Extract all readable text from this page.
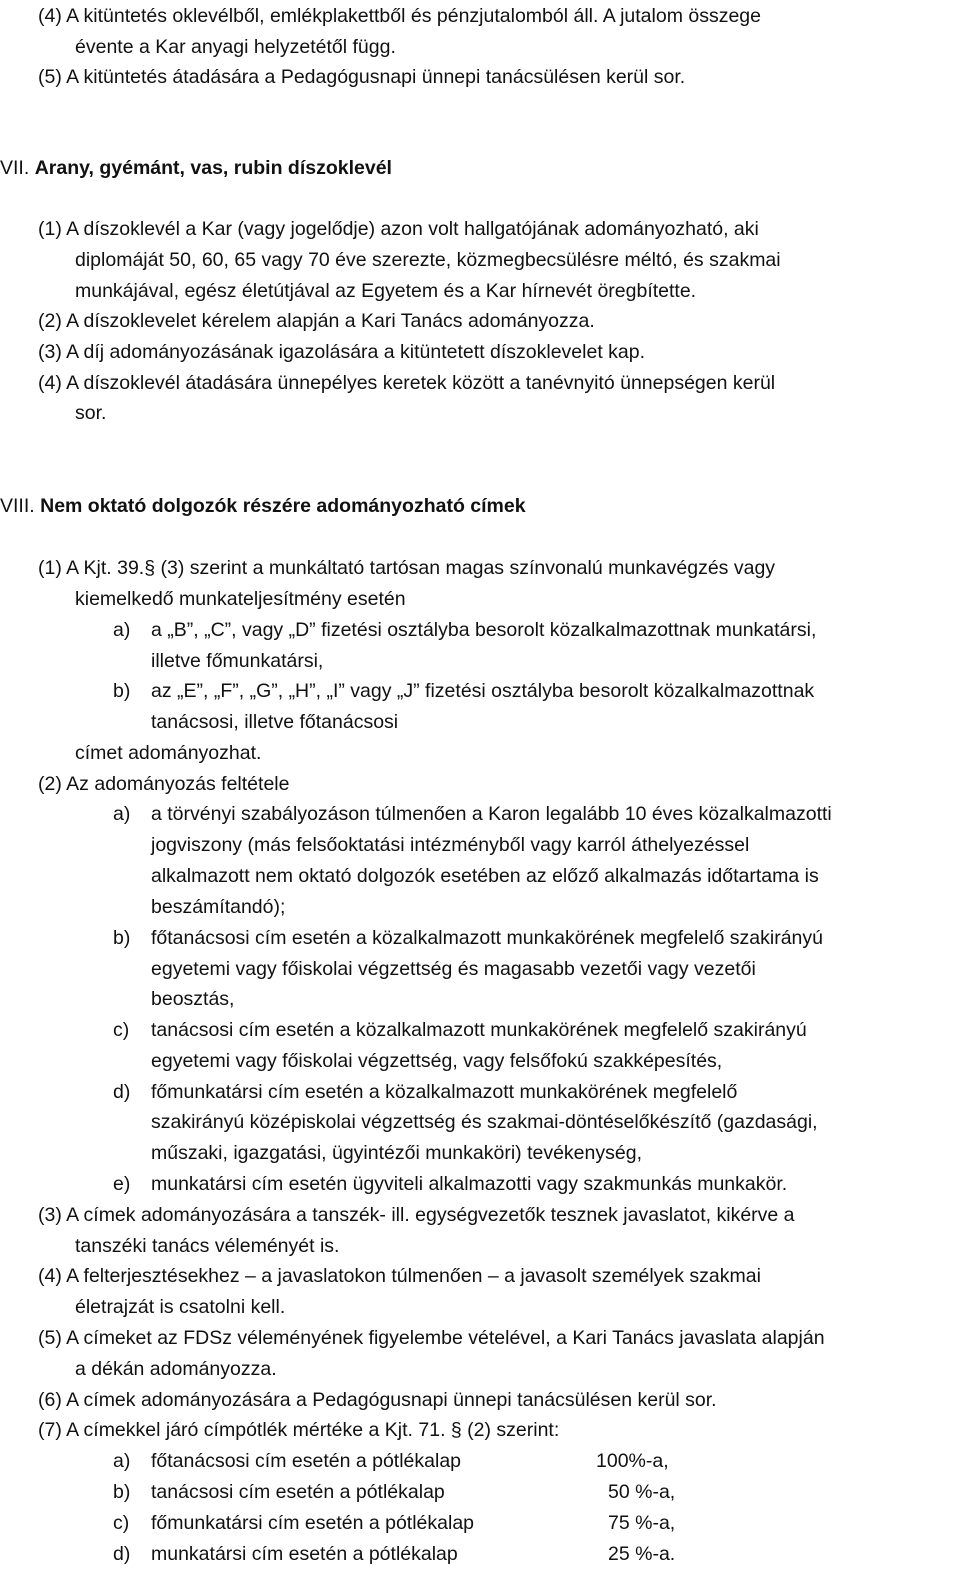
(4) A kitüntetés oklevélből, emlékplakettből és pénzjutalomból áll. A jutalom összege
évente a Kar anyagi helyzetétől függ.
(5) A kitüntetés átadására a Pedagógusnapi ünnepi tanácsülésen kerül sor.
VII. Arany, gyémánt, vas, rubin díszoklevél
(1) A díszoklevél a Kar (vagy jogelődje) azon volt hallgatójának adományozható, aki
diplomáját 50, 60, 65 vagy 70 éve szerezte, közmegbecsülésre méltó, és szakmai
munkájával, egész életútjával az Egyetem és a Kar hírnevét öregbítette.
(2) A díszoklevelet kérelem alapján a Kari Tanács adományozza.
(3) A díj adományozásának igazolására a kitüntetett díszoklevelet kap.
(4) A díszoklevél átadására ünnepélyes keretek között a tanévnyitó ünnepségen kerül
sor.
VIII. Nem oktató dolgozók részére adományozható címek
(1) A Kjt. 39.§ (3) szerint a munkáltató tartósan magas színvonalú munkavégzés vagy
kiemelkedő munkateljesítmény esetén
a) a „B”, „C”, vagy „D” fizetési osztályba besorolt közalkalmazottnak munkatársi,
illetve főmunkatársi,
b) az „E”, „F”, „G”, „H”, „I” vagy „J” fizetési osztályba besorolt közalkalmazottnak
tanácsosi, illetve főtanácsosi
címet adományozhat.
(2) Az adományozás feltétele
a) a törvényi szabályozáson túlmenően a Karon legalább 10 éves közalkalmazotti
jogviszony (más felsőoktatási intézményből vagy karról áthelyezéssel
alkalmazott nem oktató dolgozók esetében az előző alkalmazás időtartama is
beszámítandó);
b) főtanácsosi cím esetén a közalkalmazott munkakörének megfelelő szakirányú
egyetemi vagy főiskolai végzettség és magasabb vezetői vagy vezetői
beosztás,
c) tanácsosi cím esetén a közalkalmazott munkakörének megfelelő szakirányú
egyetemi vagy főiskolai végzettség, vagy felsőfokú szakképesítés,
d) főmunkatársi cím esetén a közalkalmazott munkakörének megfelelő
szakirányú középiskolai végzettség és szakmai-döntéselőkészítő (gazdasági,
műszaki, igazgatási, ügyintézői munkaköri) tevékenység,
e) munkatársi cím esetén ügyviteli alkalmazotti vagy szakmunkás munkakör.
(3) A címek adományozására a tanszék- ill. egységvezetők tesznek javaslatot, kikérve a
tanszéki tanács véleményét is.
(4) A felterjesztésekhez – a javaslatokon túlmenően – a javasolt személyek szakmai
életrajzát is csatolni kell.
(5) A címeket az FDSz véleményének figyelembe vételével, a Kari Tanács javaslata alapján
a dékán adományozza.
(6) A címek adományozására a Pedagógusnapi ünnepi tanácsülésen kerül sor.
(7) A címekkel járó címpótlék mértéke a Kjt. 71. § (2) szerint:
a) főtanácsosi cím esetén a pótlékalap	100%-a,
b) tanácsosi cím esetén a pótlékalap	50 %-a,
c) főmunkatársi cím esetén a pótlékalap	75 %-a,
d) munkatársi cím esetén a pótlékalap	25 %-a.
